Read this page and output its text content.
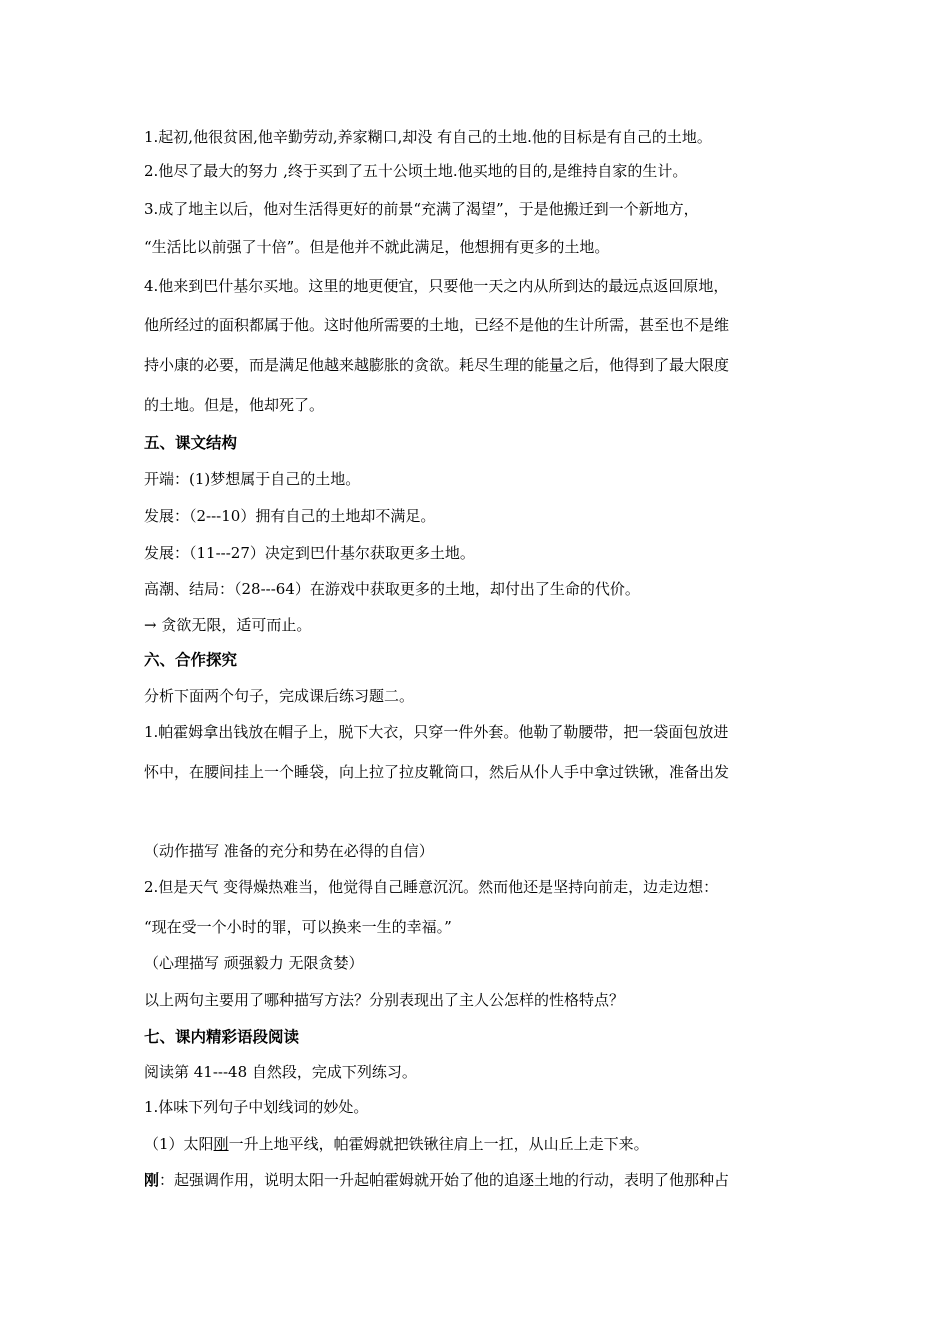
1.起初,他很贫困,他辛勤劳动,养家糊口,却没 有自己的土地.他的目标是有自己的土地。
2.他尽了最大的努力 ,终于买到了五十公顷土地.他买地的目的,是维持自家的生计。
3.成了地主以后，他对生活得更好的前景“充满了渴望”，于是他搬迁到一个新地方，
“生活比以前强了十倍”。但是他并不就此满足，他想拥有更多的土地。
4.他来到巴什基尔买地。这里的地更便宜，只要他一天之内从所到达的最远点返回原地，
他所经过的面积都属于他。这时他所需要的土地，已经不是他的生计所需，甚至也不是维
持小康的必要，而是满足他越来越膨胀的贪欲。耗尽生理的能量之后，他得到了最大限度
的土地。但是，他却死了。
五、课文结构
开端：(1)梦想属于自己的土地。
发展：（2---10）拥有自己的土地却不满足。
发展：（11---27）决定到巴什基尔获取更多土地。
高潮、结局：（28---64）在游戏中获取更多的土地，却付出了生命的代价。
→ 贪欲无限，适可而止。
六、合作探究
分析下面两个句子，完成课后练习题二。
1.帕霍姆拿出钱放在帽子上，脱下大衣，只穿一件外套。他勒了勒腰带，把一袋面包放进
怀中，在腰间挂上一个睡袋，向上拉了拉皮靴筒口，然后从仆人手中拿过铁锹，准备出发
（动作描写 准备的充分和势在必得的自信）
2.但是天气 变得燥热难当，他觉得自己睡意沉沉。然而他还是坚持向前走，边走边想：
“现在受一个小时的罪，可以换来一生的幸福。”
（心理描写 顽强毅力 无限贪婪）
以上两句主要用了哪种描写方法？分别表现出了主人公怎样的性格特点？
七、课内精彩语段阅读
阅读第 41---48 自然段，完成下列练习。
1.体味下列句子中划线词的妙处。
（1）太阳刚一升上地平线，帕霍姆就把铁锹往肩上一扛，从山丘上走下来。
刚：起强调作用，说明太阳一升起帕霍姆就开始了他的追逐土地的行动，表明了他那种占
